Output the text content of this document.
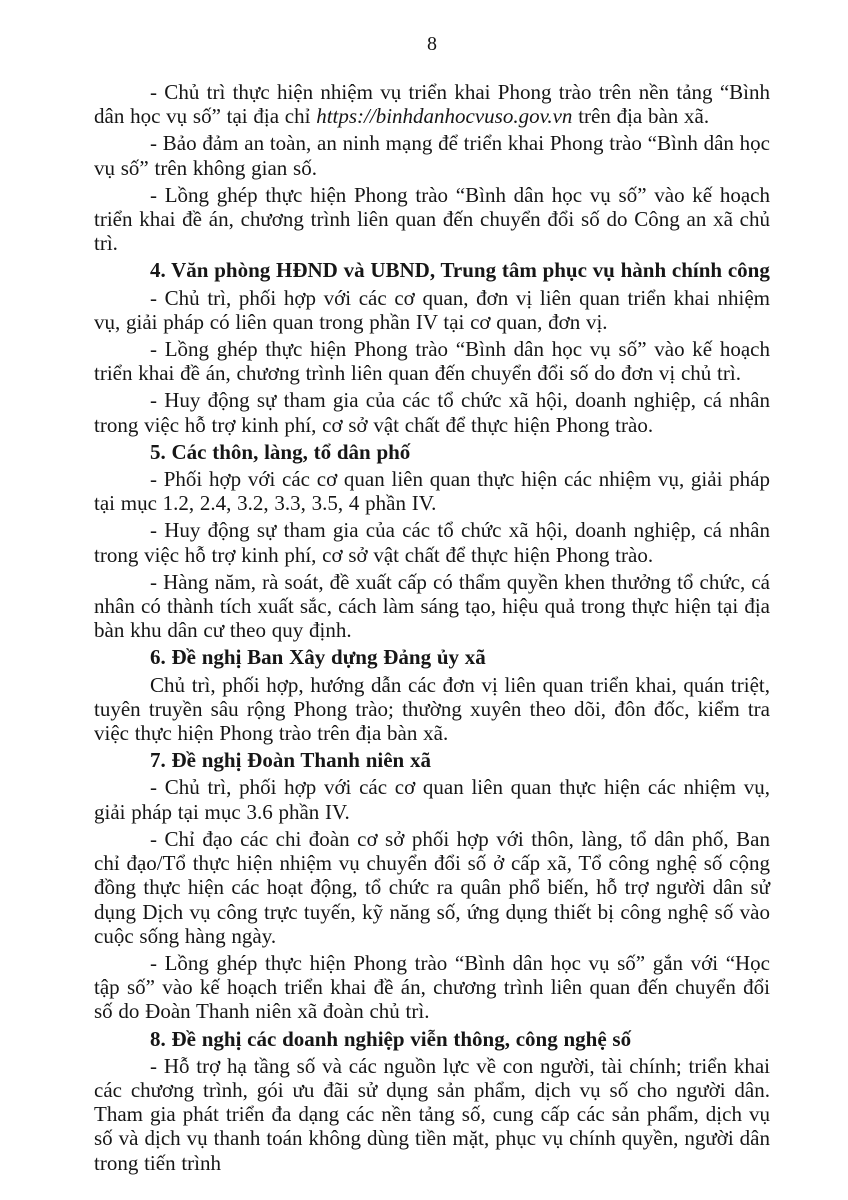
8

- Chủ trì thực hiện nhiệm vụ triển khai Phong trào trên nền tảng “Bình dân học vụ số” tại địa chỉ https://binhdanhocvuso.gov.vn trên địa bàn xã.

- Bảo đảm an toàn, an ninh mạng để triển khai Phong trào “Bình dân học vụ số” trên không gian số.

- Lồng ghép thực hiện Phong trào “Bình dân học vụ số” vào kế hoạch triển khai đề án, chương trình liên quan đến chuyển đổi số do Công an xã chủ trì.

4. Văn phòng HĐND và UBND, Trung tâm phục vụ hành chính công

- Chủ trì, phối hợp với các cơ quan, đơn vị liên quan triển khai nhiệm vụ, giải pháp có liên quan trong phần IV tại cơ quan, đơn vị.

- Lồng ghép thực hiện Phong trào “Bình dân học vụ số” vào kế hoạch triển khai đề án, chương trình liên quan đến chuyển đổi số do đơn vị chủ trì.

- Huy động sự tham gia của các tổ chức xã hội, doanh nghiệp, cá nhân trong việc hỗ trợ kinh phí, cơ sở vật chất để thực hiện Phong trào.

5. Các thôn, làng, tổ dân phố

- Phối hợp với các cơ quan liên quan thực hiện các nhiệm vụ, giải pháp tại mục 1.2, 2.4, 3.2, 3.3, 3.5, 4 phần IV.

- Huy động sự tham gia của các tổ chức xã hội, doanh nghiệp, cá nhân trong việc hỗ trợ kinh phí, cơ sở vật chất để thực hiện Phong trào.

- Hàng năm, rà soát, đề xuất cấp có thẩm quyền khen thưởng tổ chức, cá nhân có thành tích xuất sắc, cách làm sáng tạo, hiệu quả trong thực hiện tại địa bàn khu dân cư theo quy định.

6. Đề nghị Ban Xây dựng Đảng ủy xã

Chủ trì, phối hợp, hướng dẫn các đơn vị liên quan triển khai, quán triệt, tuyên truyền sâu rộng Phong trào; thường xuyên theo dõi, đôn đốc, kiểm tra việc thực hiện Phong trào trên địa bàn xã.

7. Đề nghị Đoàn Thanh niên xã

- Chủ trì, phối hợp với các cơ quan liên quan thực hiện các nhiệm vụ, giải pháp tại mục 3.6 phần IV.

- Chỉ đạo các chi đoàn cơ sở phối hợp với thôn, làng, tổ dân phố, Ban chỉ đạo/Tổ thực hiện nhiệm vụ chuyển đổi số ở cấp xã, Tổ công nghệ số cộng đồng thực hiện các hoạt động, tổ chức ra quân phổ biến, hỗ trợ người dân sử dụng Dịch vụ công trực tuyến, kỹ năng số, ứng dụng thiết bị công nghệ số vào cuộc sống hàng ngày.

- Lồng ghép thực hiện Phong trào “Bình dân học vụ số” gắn với “Học tập số” vào kế hoạch triển khai đề án, chương trình liên quan đến chuyển đổi số do Đoàn Thanh niên xã đoàn chủ trì.

8. Đề nghị các doanh nghiệp viễn thông, công nghệ số

- Hỗ trợ hạ tầng số và các nguồn lực về con người, tài chính; triển khai các chương trình, gói ưu đãi sử dụng sản phẩm, dịch vụ số cho người dân. Tham gia phát triển đa dạng các nền tảng số, cung cấp các sản phẩm, dịch vụ số và dịch vụ thanh toán không dùng tiền mặt, phục vụ chính quyền, người dân trong tiến trình
